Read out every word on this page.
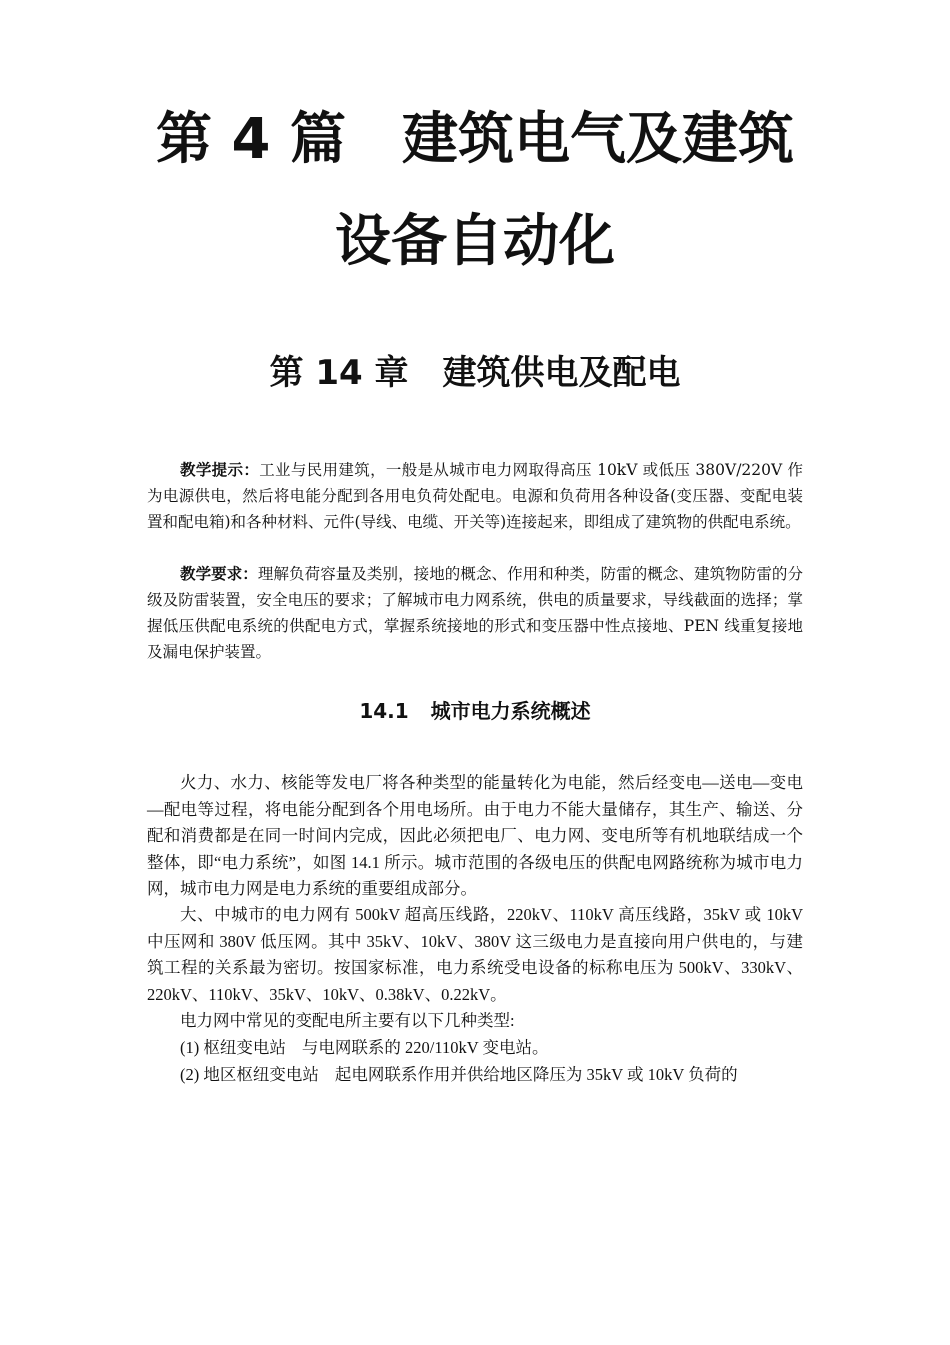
第 4 篇 建筑电气及建筑
设备自动化
第 14 章 建筑供电及配电

教学提示：工业与民用建筑，一般是从城市电力网取得高压 10kV 或低压 380V/220V 作为电源供电，然后将电能分配到各用电负荷处配电。电源和负荷用各种设备(变压器、变配电装置和配电箱)和各种材料、元件(导线、电缆、开关等)连接起来，即组成了建筑物的供配电系统。

教学要求：理解负荷容量及类别，接地的概念、作用和种类，防雷的概念、建筑物防雷的分级及防雷装置，安全电压的要求；了解城市电力网系统，供电的质量要求，导线截面的选择；掌握低压供配电系统的供配电方式，掌握系统接地的形式和变压器中性点接地、PEN 线重复接地及漏电保护装置。

14.1 城市电力系统概述

火力、水力、核能等发电厂将各种类型的能量转化为电能，然后经变电—送电—变电—配电等过程，将电能分配到各个用电场所。由于电力不能大量储存，其生产、输送、分配和消费都是在同一时间内完成，因此必须把电厂、电力网、变电所等有机地联结成一个整体，即“电力系统”，如图 14.1 所示。城市范围的各级电压的供配电网路统称为城市电力网，城市电力网是电力系统的重要组成部分。

大、中城市的电力网有 500kV 超高压线路，220kV、110kV 高压线路，35kV 或 10kV 中压网和 380V 低压网。其中 35kV、10kV、380V 这三级电力是直接向用户供电的，与建筑工程的关系最为密切。按国家标准，电力系统受电设备的标称电压为 500kV、330kV、220kV、110kV、35kV、10kV、0.38kV、0.22kV。

电力网中常见的变配电所主要有以下几种类型:

(1) 枢纽变电站 与电网联系的 220/110kV 变电站。

(2) 地区枢纽变电站 起电网联系作用并供给地区降压为 35kV 或 10kV 负荷的
